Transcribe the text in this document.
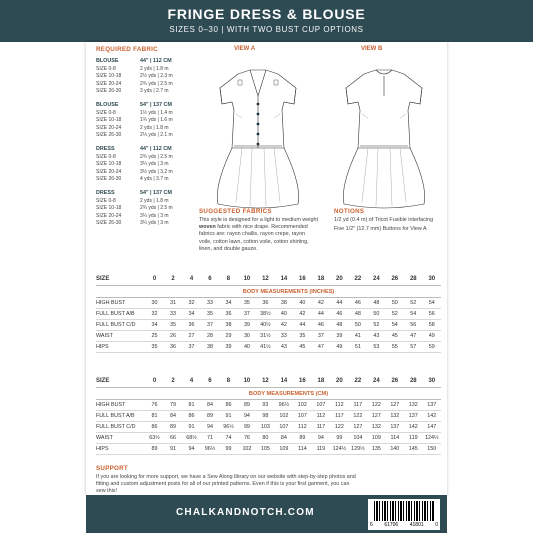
FRINGE DRESS & BLOUSE
SIZES 0–30 | WITH TWO BUST CUP OPTIONS
REQUIRED FABRIC
BLOUSE	44" | 112 CM
SIZE 0-8	2 yds | 1.8 m
SIZE 10-18	2½ yds | 2.3 m
SIZE 20-24	2¾ yds | 2.5 m
SIZE 26-30	3 yds | 2.7 m
BLOUSE	54" | 137 CM
SIZE 0-8	1½ yds | 1.4 m
SIZE 10-18	1¾ yds | 1.6 m
SIZE 20-24	2 yds | 1.8 m
SIZE 26-30	2⅓ yds | 2.1 m
DRESS	44" | 112 CM
SIZE 0-8	2¾ yds | 2.5 m
SIZE 10-18	3¼ yds | 3 m
SIZE 20-24	3½ yds | 3.2 m
SIZE 26-30	4 yds | 3.7 m
DRESS	54" | 137 CM
SIZE 0-8	2 yds | 1.8 m
SIZE 10-18	2¾ yds | 2.5 m
SIZE 20-24	3¼ yds | 3 m
SIZE 26-30	3¼ yds | 3 m
VIEW A	VIEW B
SUGGESTED FABRICS
This style is designed for a light to medium weight woven fabric with nice drape. Recommended fabrics are: rayon challis, rayon crepe, rayon voile, cotton lawn, cotton voile, cotton shirting, linen, and double gauze.
NOTIONS

1/2 yd (0.4 m) of Tricot Fusible interfacing

Five 1/2" (12.7 mm) Buttons for View A

SIZE	0	2	4	6	8	10	12	14	16	18	20	22	24	26	28	30
BODY MEASUREMENTS (INCHES)
HIGH BUST	30	31	32	33	34	35	36	38	40	42	44	46	48	50	52	54
FULL BUST A/B	32	33	34	35	36	37	38½	40	42	44	46	48	50	52	54	56
FULL BUST C/D	34	35	36	37	38	39	40½	42	44	46	48	50	52	54	56	58
WAIST	25	26	27	28	29	30	31½	33	35	37	39	41	43	45	47	49
HIPS	35	36	37	38	39	40	41½	43	45	47	49	51	53	55	57	59
SIZE	0	2	4	6	8	10	12	14	16	18	20	22	24	26	28	30
BODY MEASUREMENTS (CM)
HIGH BUST	76	79	81	84	86	89	93	96½	102	107	112	117	122	127	132	137
FULL BUST A/B	81	84	86	89	91	94	98	102	107	112	117	122	127	132	137	142
FULL BUST C/D	86	89	91	94	96½	99	103	107	112	117	122	127	132	137	142	147
WAIST	63½	66	68½	71	74	76	80	84	89	94	99	104	109	114	119	124½
HIPS	89	91	94	96½	99	102	105	109	114	119	124½ 129½	135	140	145	150
SUPPORT
If you are looking for more support, we have a Sew Along library on our website with step-by-step photos and fitting and custom adjustment posts for all of our printed patterns. Even if this is your first garment, you can sew this!
CHALKANDNOTCH.COM
6 61706 41801 0
